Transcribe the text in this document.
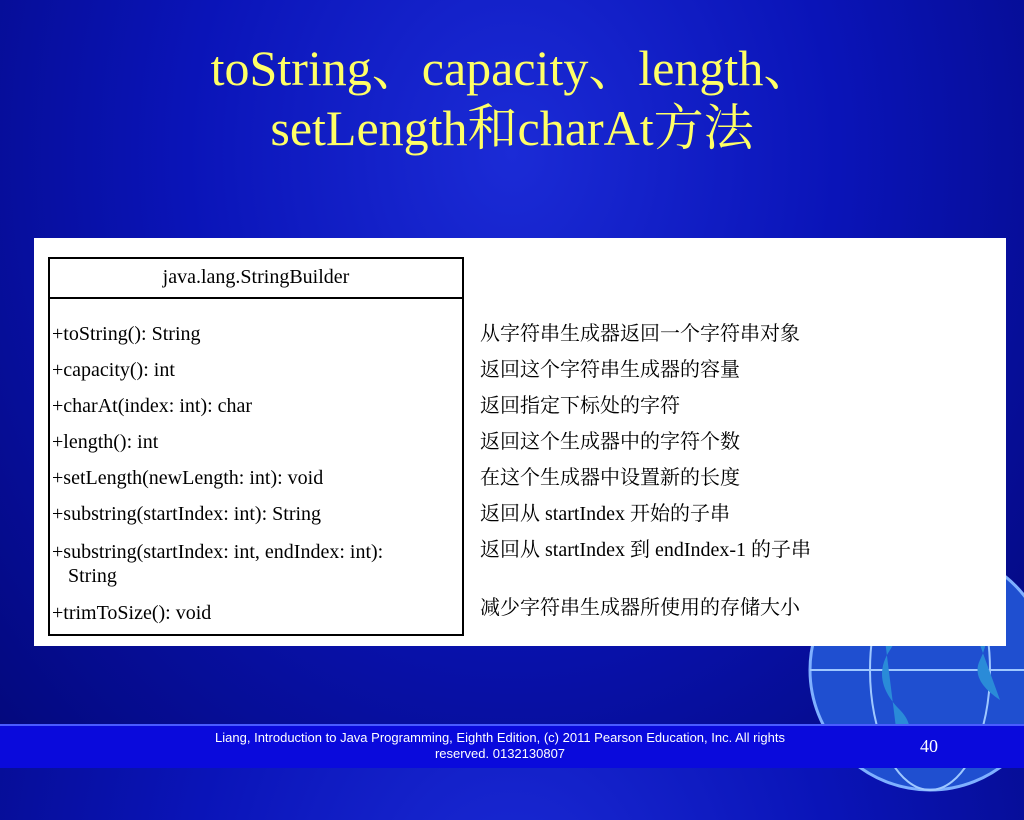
toString、capacity、length、
setLength和charAt方法
java.lang.StringBuilder
+toString(): String
+capacity(): int
+charAt(index: int): char
+length(): int
+setLength(newLength: int): void
+substring(startIndex: int): String
+substring(startIndex: int, endIndex: int):
String
+trimToSize(): void
从字符串生成器返回一个字符串对象
返回这个字符串生成器的容量
返回指定下标处的字符
返回这个生成器中的字符个数
在这个生成器中设置新的长度
返回从 startIndex 开始的子串
返回从 startIndex 到 endIndex-1 的子串
减少字符串生成器所使用的存储大小
Liang, Introduction to Java Programming, Eighth Edition, (c) 2011 Pearson Education, Inc. All rights reserved. 0132130807	40
